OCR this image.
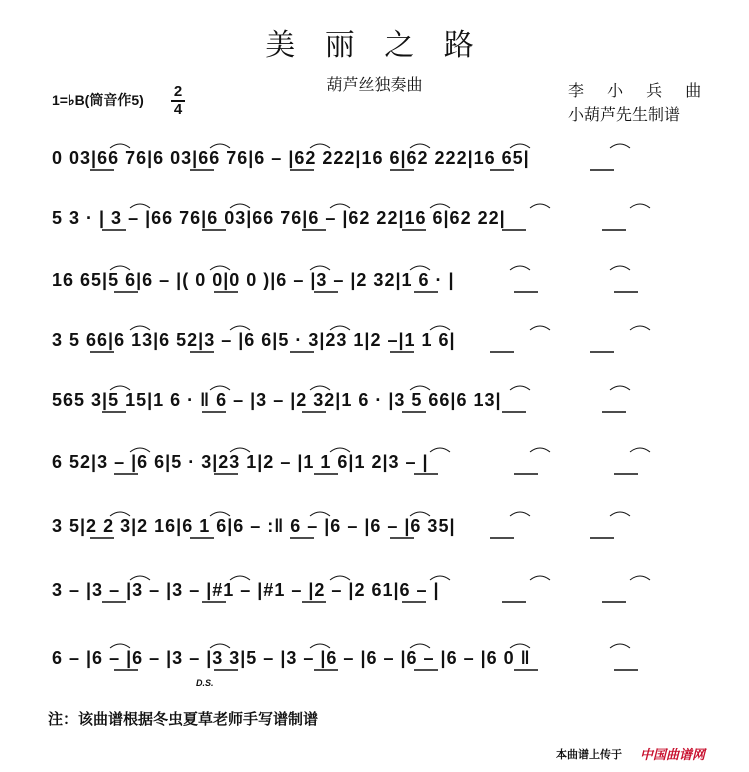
美 丽 之 路
葫芦丝独奏曲	李 小 兵 曲
小葫芦先生制谱
1=♭B(筒音作$5) \frac{2}{4}$
0 03|66 76|6 03|66 76|6 – |62 222|16 6|62 222|16 65|
5 3 · | 3 – |66 76|6 03|66 76|6 – |62 22|16 6|62 22|
16 65|5 6|6 – |( 0 0|0 0 )|6 – |3 – |2 32|1 6 · |
3 5 66|6 13|6 52|3 – |6 6|5 · 3|23 1|2 –|1 1 6|
565 3|5 15|1 6 · ‖ 6 – |3 – |2 32|1 6 · |3 5 66|6 13|
6 52|3 – |6 6|5 · 3|23 1|2 – |1 1 6|1 2|3 – |
3 5|2 2 3|2 16|6 1 6|6 – :‖ 6 – |6 – |6 – |6 35|
3 – |3 – |3 – |3 – |#1 – |#1 – |2 – |2 61|6 – |
6 – |6 – |6 – |3 – |3 3|5 – |3 – |6 – |6 – |6 – |6 – |6 0 ‖
D.S.
注：该曲谱根据冬虫夏草老师手写谱制谱
本曲谱上传于 中国曲谱网
